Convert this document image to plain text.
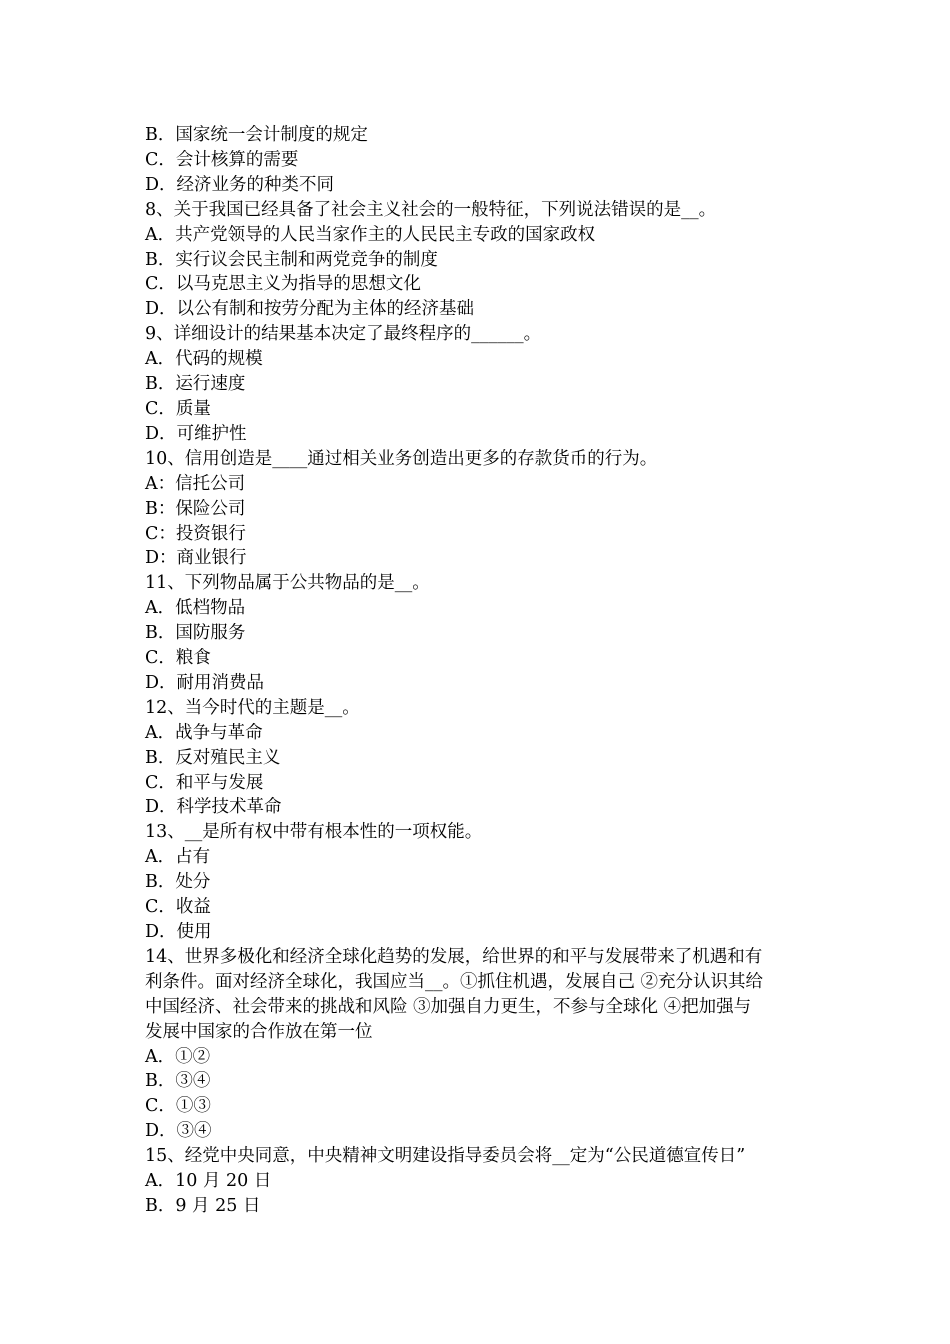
B．国家统一会计制度的规定
C．会计核算的需要
D．经济业务的种类不同
8、关于我国已经具备了社会主义社会的一般特征，下列说法错误的是__。
A．共产党领导的人民当家作主的人民民主专政的国家政权
B．实行议会民主制和两党竞争的制度
C．以马克思主义为指导的思想文化
D．以公有制和按劳分配为主体的经济基础
9、详细设计的结果基本决定了最终程序的______。
A．代码的规模
B．运行速度
C．质量
D．可维护性
10、信用创造是____通过相关业务创造出更多的存款货币的行为。
A：信托公司
B：保险公司
C：投资银行
D：商业银行
11、下列物品属于公共物品的是__。
A．低档物品
B．国防服务
C．粮食
D．耐用消费品
12、当今时代的主题是__。
A．战争与革命
B．反对殖民主义
C．和平与发展
D．科学技术革命
13、__是所有权中带有根本性的一项权能。
A．占有
B．处分
C．收益
D．使用
14、世界多极化和经济全球化趋势的发展，给世界的和平与发展带来了机遇和有
利条件。面对经济全球化，我国应当__。①抓住机遇，发展自己 ②充分认识其给
中国经济、社会带来的挑战和风险 ③加强自力更生，不参与全球化 ④把加强与
发展中国家的合作放在第一位
A．①②
B．③④
C．①③
D．③④
15、经党中央同意，中央精神文明建设指导委员会将__定为“公民道德宣传日”
A．10 月 20 日
B．9 月 25 日
